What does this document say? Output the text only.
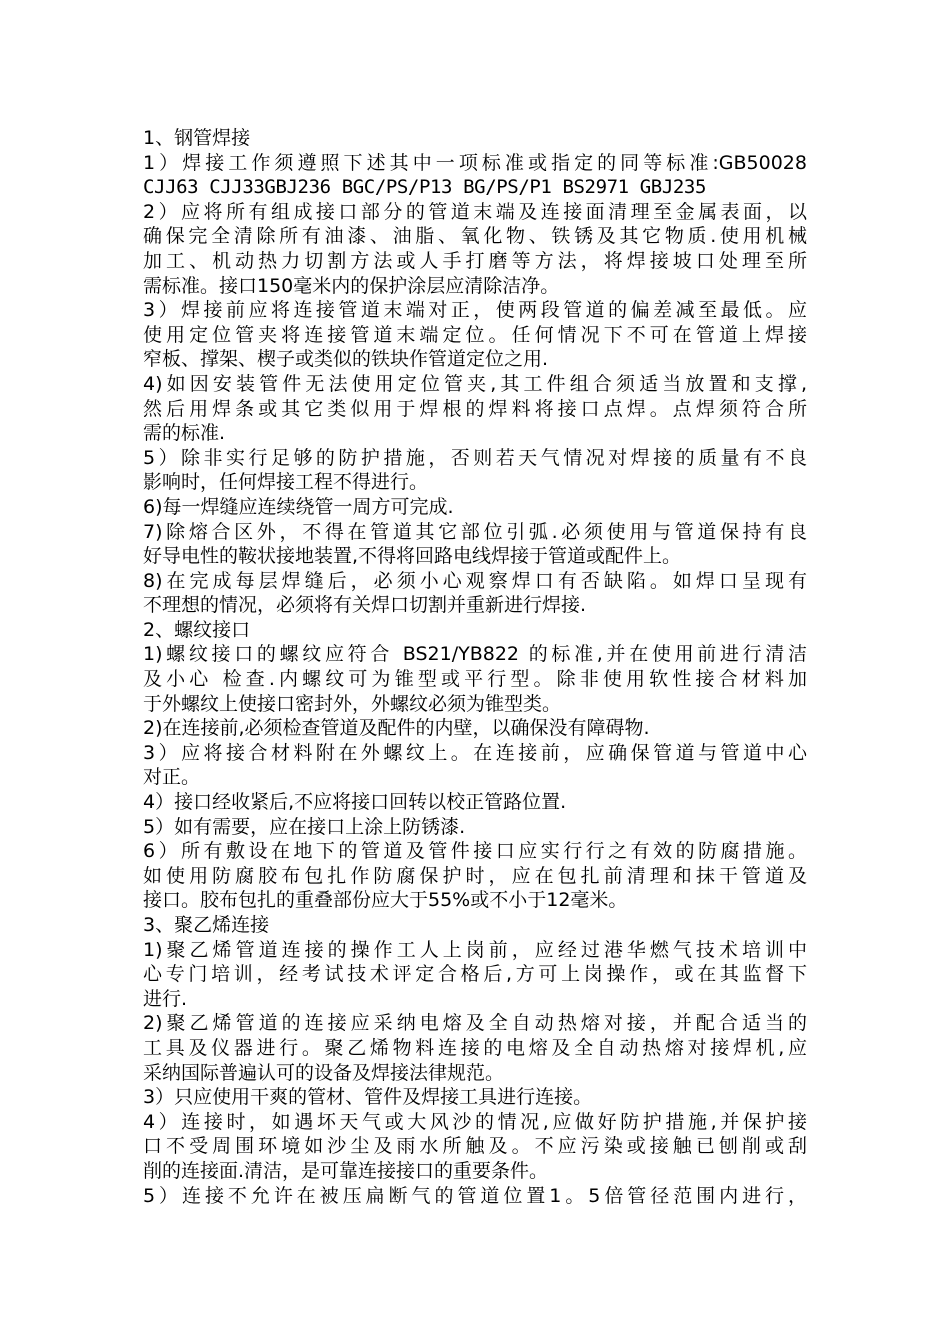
1、钢管焊接
1）焊接工作须遵照下述其中一项标准或指定的同等标准:GB50028
CJJ63 CJJ33GBJ236 BGC/PS/P13 BG/PS/P1 BS2971 GBJ235
2）应将所有组成接口部分的管道末端及连接面清理至金属表面，以
确保完全清除所有油漆、油脂、氧化物、铁锈及其它物质.使用机械
加工、机动热力切割方法或人手打磨等方法，将焊接坡口处理至所
需标准。接口150毫米内的保护涂层应清除洁净。
3）焊接前应将连接管道末端对正，使两段管道的偏差减至最低。应
使用定位管夹将连接管道末端定位。任何情况下不可在管道上焊接
窄板、撑架、楔子或类似的铁块作管道定位之用.
4)如因安装管件无法使用定位管夹,其工件组合须适当放置和支撑,
然后用焊条或其它类似用于焊根的焊料将接口点焊。点焊须符合所
需的标准.
5）除非实行足够的防护措施，否则若天气情况对焊接的质量有不良
影响时，任何焊接工程不得进行。
6)每一焊缝应连续绕管一周方可完成.
7)除熔合区外，不得在管道其它部位引弧.必须使用与管道保持有良
好导电性的鞍状接地装置,不得将回路电线焊接于管道或配件上。
8)在完成每层焊缝后，必须小心观察焊口有否缺陷。如焊口呈现有
不理想的情况，必须将有关焊口切割并重新进行焊接.
2、螺纹接口
1)螺纹接口的螺纹应符合 BS21/YB822 的标准,并在使用前进行清洁
及小心 检查.内螺纹可为锥型或平行型。除非使用软性接合材料加
于外螺纹上使接口密封外，外螺纹必须为锥型类。
2)在连接前,必须检查管道及配件的内壁，以确保没有障碍物.
3）应将接合材料附在外螺纹上。在连接前，应确保管道与管道中心
对正。
4）接口经收紧后,不应将接口回转以校正管路位置.
5）如有需要，应在接口上涂上防锈漆.
6）所有敷设在地下的管道及管件接口应实行行之有效的防腐措施。
如使用防腐胶布包扎作防腐保护时，应在包扎前清理和抹干管道及
接口。胶布包扎的重叠部份应大于55%或不小于12毫米。
3、聚乙烯连接
1)聚乙烯管道连接的操作工人上岗前，应经过港华燃气技术培训中
心专门培训，经考试技术评定合格后,方可上岗操作，或在其监督下
进行.
2)聚乙烯管道的连接应采纳电熔及全自动热熔对接，并配合适当的
工具及仪器进行。聚乙烯物料连接的电熔及全自动热熔对接焊机,应
采纳国际普遍认可的设备及焊接法律规范。
3）只应使用干爽的管材、管件及焊接工具进行连接。
4）连接时，如遇坏天气或大风沙的情况,应做好防护措施,并保护接
口不受周围环境如沙尘及雨水所触及。不应污染或接触已刨削或刮
削的连接面.清洁，是可靠连接接口的重要条件。
5）连接不允许在被压扁断气的管道位置1。5倍管径范围内进行，
